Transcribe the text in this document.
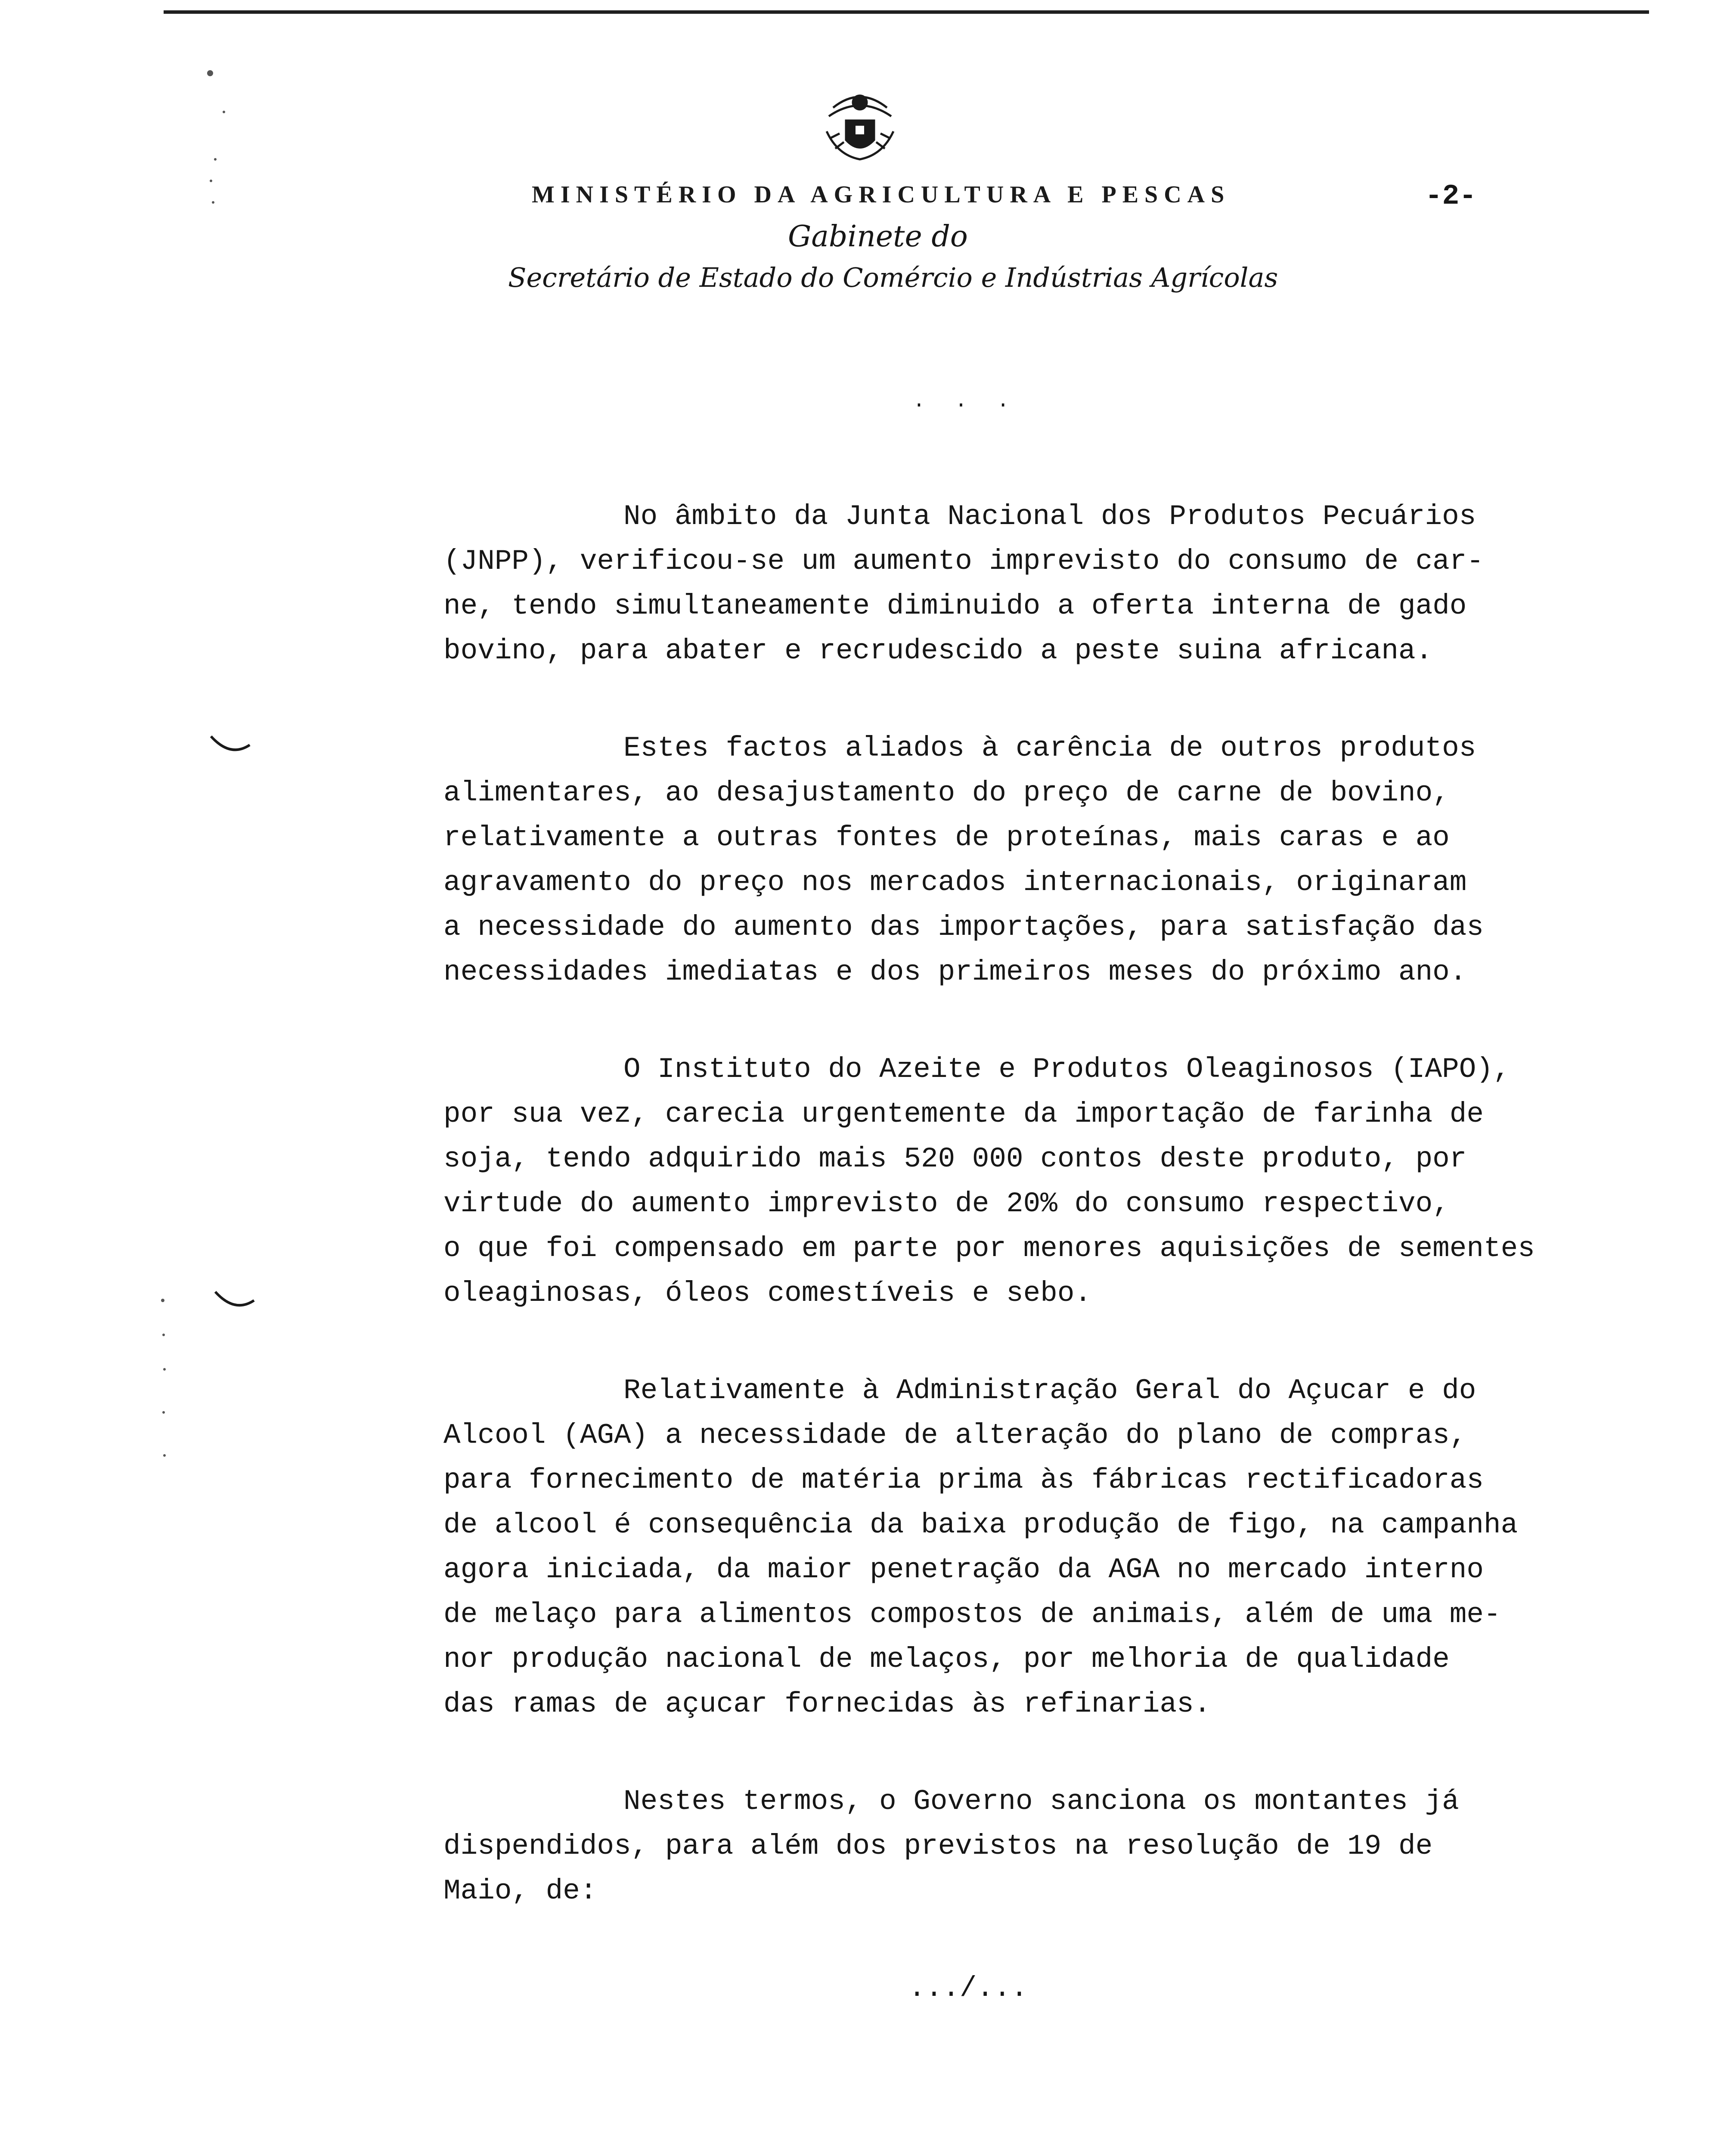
MINISTÉRIO DA AGRICULTURA E PESCAS	-2-
Gabinete do
Secretário de Estado do Comércio e Indústrias Agrícolas
. . .
No âmbito da Junta Nacional dos Produtos Pecuários
(JNPP), verificou-se um aumento imprevisto do consumo de car-
ne, tendo simultaneamente diminuido a oferta interna de gado
bovino, para abater e recrudescido a peste suina africana.
Estes factos aliados à carência de outros produtos
alimentares, ao desajustamento do preço de carne de bovino,
relativamente a outras fontes de proteínas, mais caras e ao
agravamento do preço nos mercados internacionais, originaram
a necessidade do aumento das importações, para satisfação das
necessidades imediatas e dos primeiros meses do próximo ano.
O Instituto do Azeite e Produtos Oleaginosos (IAPO),
por sua vez, carecia urgentemente da importação de farinha de
soja, tendo adquirido mais 520 000 contos deste produto, por
virtude do aumento imprevisto de 20% do consumo respectivo,
o que foi compensado em parte por menores aquisições de sementes
oleaginosas, óleos comestíveis e sebo.
Relativamente à Administração Geral do Açucar e do
Alcool (AGA) a necessidade de alteração do plano de compras,
para fornecimento de matéria prima às fábricas rectificadoras
de alcool é consequência da baixa produção de figo, na campanha
agora iniciada, da maior penetração da AGA no mercado interno
de melaço para alimentos compostos de animais, além de uma me-
nor produção nacional de melaços, por melhoria de qualidade
das ramas de açucar fornecidas às refinarias.
Nestes termos, o Governo sanciona os montantes já
dispendidos, para além dos previstos na resolução de 19 de
Maio, de:
.../...
